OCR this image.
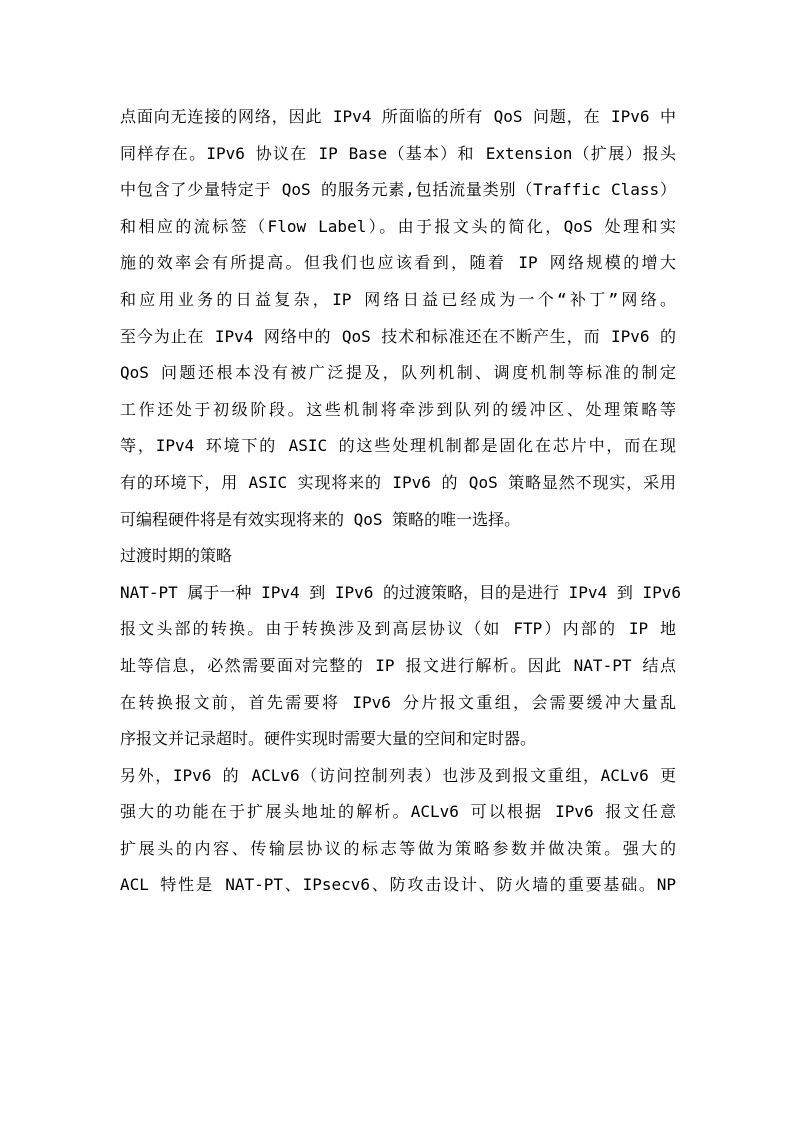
点面向无连接的网络，因此 IPv4 所面临的所有 QoS 问题，在 IPv6 中
同样存在。IPv6 协议在 IP Base（基本）和 Extension（扩展）报头
中包含了少量特定于 QoS 的服务元素,包括流量类别（Traffic Class）
和相应的流标签（Flow Label）。由于报文头的简化，QoS 处理和实
施的效率会有所提高。但我们也应该看到，随着 IP 网络规模的增大
和应用业务的日益复杂，IP 网络日益已经成为一个“补丁”网络。
至今为止在 IPv4 网络中的 QoS 技术和标准还在不断产生，而 IPv6 的
QoS 问题还根本没有被广泛提及，队列机制、调度机制等标准的制定
工作还处于初级阶段。这些机制将牵涉到队列的缓冲区、处理策略等
等，IPv4 环境下的 ASIC 的这些处理机制都是固化在芯片中，而在现
有的环境下，用 ASIC 实现将来的 IPv6 的 QoS 策略显然不现实，采用
可编程硬件将是有效实现将来的 QoS 策略的唯一选择。
过渡时期的策略
NAT-PT 属于一种 IPv4 到 IPv6 的过渡策略，目的是进行 IPv4 到 IPv6
报文头部的转换。由于转换涉及到高层协议（如 FTP）内部的 IP 地
址等信息，必然需要面对完整的 IP 报文进行解析。因此 NAT-PT 结点
在转换报文前，首先需要将 IPv6 分片报文重组，会需要缓冲大量乱
序报文并记录超时。硬件实现时需要大量的空间和定时器。
另外，IPv6 的 ACLv6（访问控制列表）也涉及到报文重组，ACLv6 更
强大的功能在于扩展头地址的解析。ACLv6 可以根据 IPv6 报文任意
扩展头的内容、传输层协议的标志等做为策略参数并做决策。强大的
ACL 特性是 NAT-PT、IPsecv6、防攻击设计、防火墙的重要基础。NP
